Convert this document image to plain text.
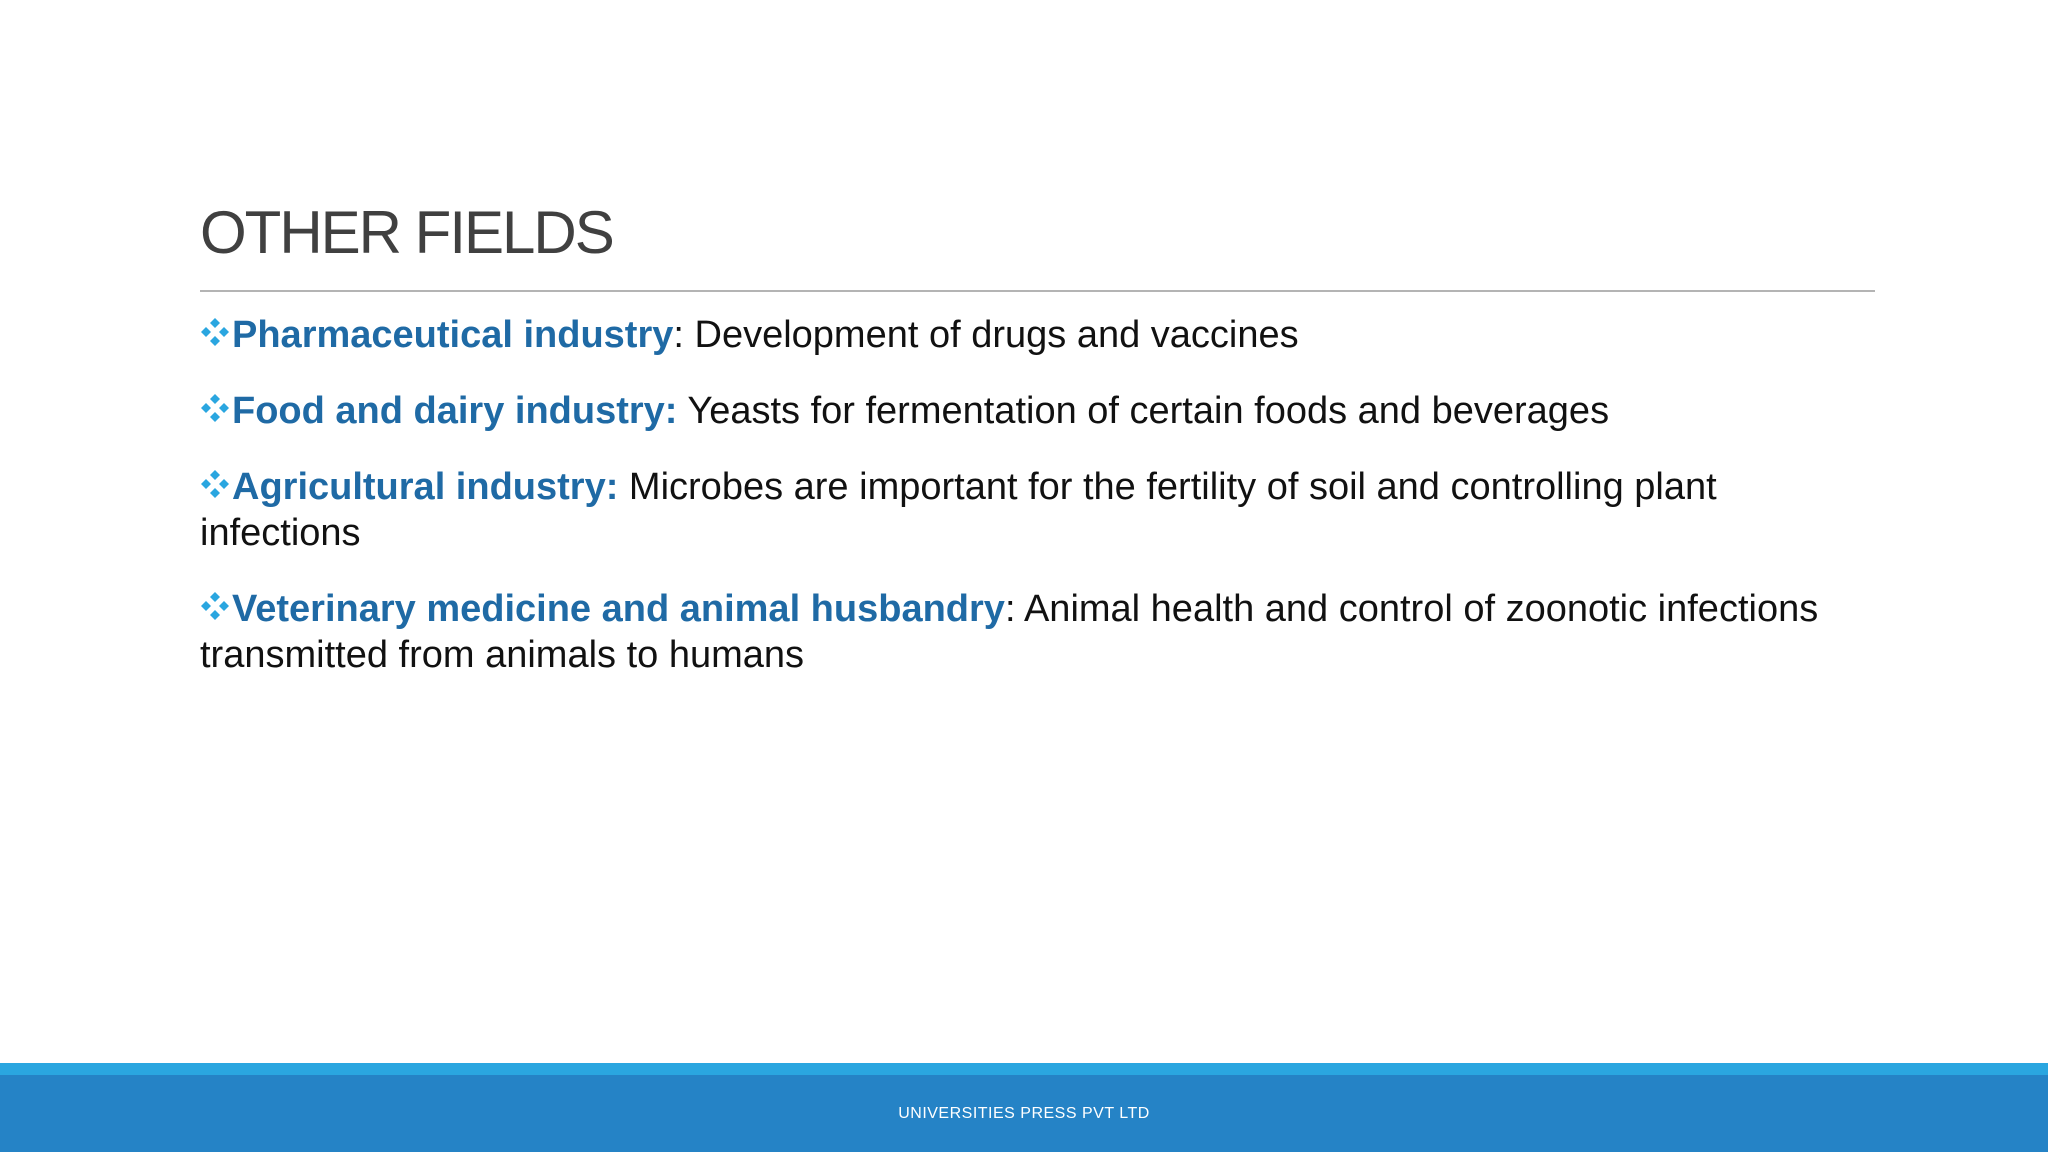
OTHER FIELDS
Pharmaceutical industry: Development of drugs and vaccines
Food and dairy industry: Yeasts for fermentation of certain foods and beverages
Agricultural industry: Microbes are important for the fertility of soil and controlling plant infections
Veterinary medicine and animal husbandry: Animal health and control of zoonotic infections transmitted from animals to humans
UNIVERSITIES PRESS PVT LTD
